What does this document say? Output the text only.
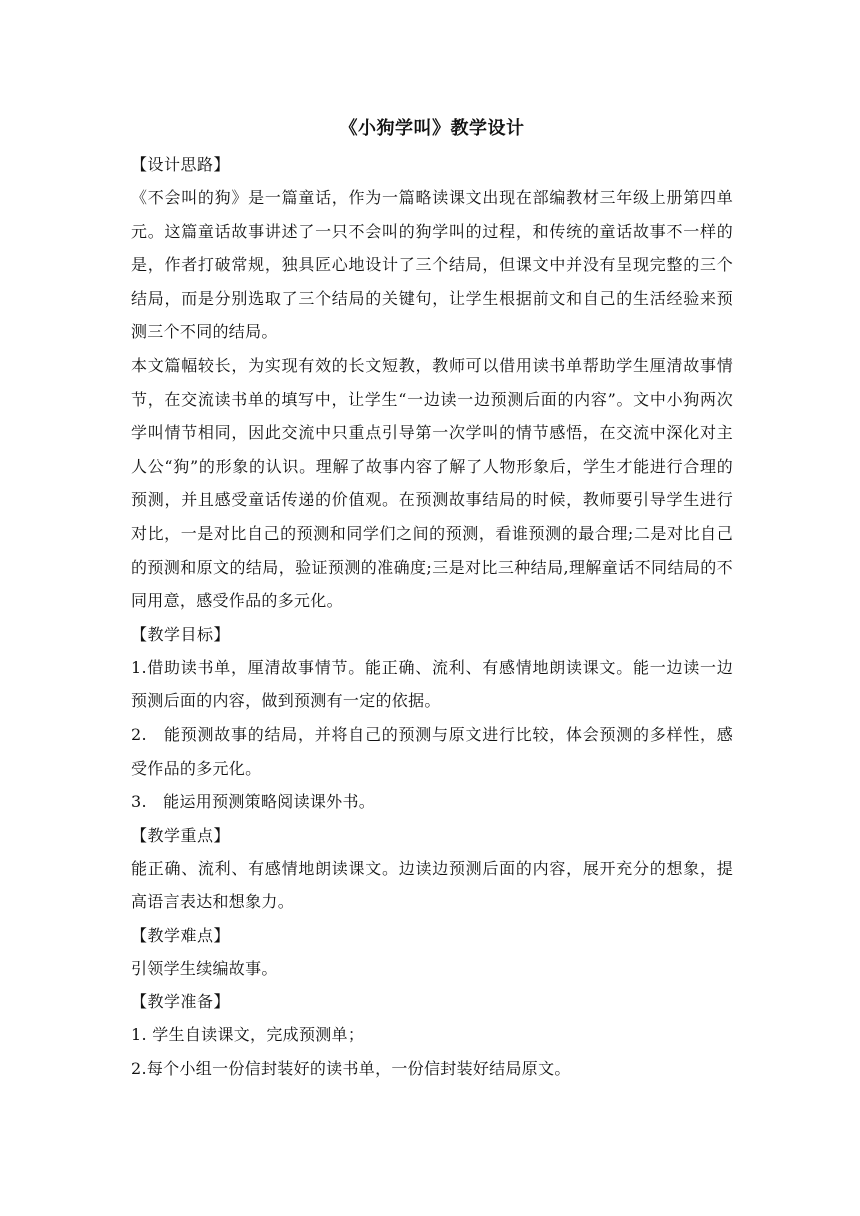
《小狗学叫》教学设计

【设计思路】

《不会叫的狗》是一篇童话，作为一篇略读课文出现在部编教材三年级上册第四单元。这篇童话故事讲述了一只不会叫的狗学叫的过程，和传统的童话故事不一样的是，作者打破常规，独具匠心地设计了三个结局，但课文中并没有呈现完整的三个结局，而是分别选取了三个结局的关键句，让学生根据前文和自己的生活经验来预测三个不同的结局。

本文篇幅较长，为实现有效的长文短教，教师可以借用读书单帮助学生厘清故事情节，在交流读书单的填写中，让学生“一边读一边预测后面的内容”。文中小狗两次学叫情节相同，因此交流中只重点引导第一次学叫的情节感悟，在交流中深化对主人公“狗”的形象的认识。理解了故事内容了解了人物形象后，学生才能进行合理的预测，并且感受童话传递的价值观。在预测故事结局的时候，教师要引导学生进行对比，一是对比自己的预测和同学们之间的预测，看谁预测的最合理;二是对比自己的预测和原文的结局，验证预测的准确度;三是对比三种结局,理解童话不同结局的不同用意，感受作品的多元化。

【教学目标】

1.借助读书单，厘清故事情节。能正确、流利、有感情地朗读课文。能一边读一边预测后面的内容，做到预测有一定的依据。

2.　能预测故事的结局，并将自己的预测与原文进行比较，体会预测的多样性，感受作品的多元化。

3.　能运用预测策略阅读课外书。

【教学重点】

能正确、流利、有感情地朗读课文。边读边预测后面的内容，展开充分的想象，提高语言表达和想象力。

【教学难点】

引领学生续编故事。

【教学准备】

1. 学生自读课文，完成预测单；

2.每个小组一份信封装好的读书单，一份信封装好结局原文。
